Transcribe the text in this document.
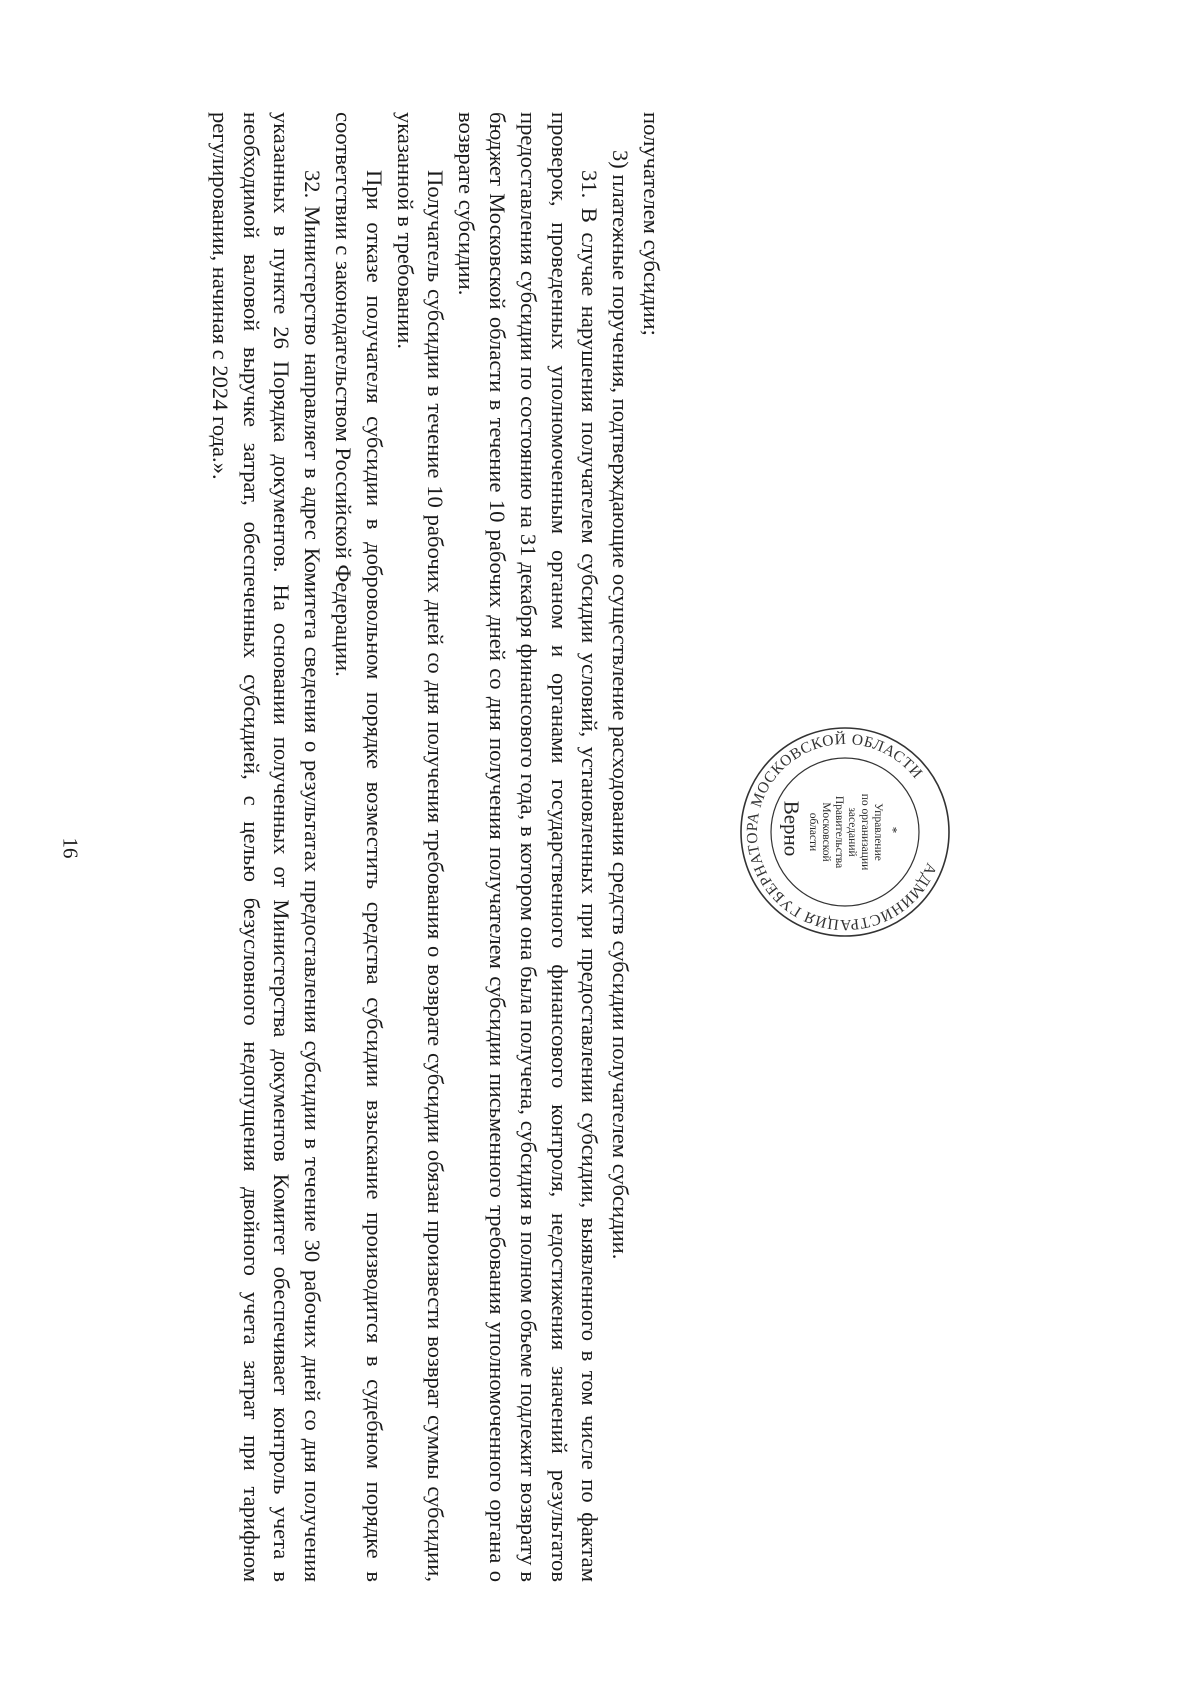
16

получателем субсидии;

3) платежные поручения, подтверждающие осуществление расходования средств субсидии получателем субсидии.

31. В случае нарушения получателем субсидии условий, установленных при предоставлении субсидии, выявленного в том числе по фактам проверок, проведенных уполномоченным органом и органами государственного финансового контроля, недостижения значений результатов предоставления субсидии по состоянию на 31 декабря финансового года, в котором она была получена, субсидия в полном объеме подлежит возврату в бюджет Московской области в течение 10 рабочих дней со дня получения получателем субсидии письменного требования уполномоченного органа о возврате субсидии.

Получатель субсидии в течение 10 рабочих дней со дня получения требования о возврате субсидии обязан произвести возврат суммы субсидии, указанной в требовании.

При отказе получателя субсидии в добровольном порядке возместить средства субсидии взыскание производится в судебном порядке в соответствии с законодательством Российской Федерации.

32. Министерство направляет в адрес Комитета сведения о результатах предоставления субсидии в течение 30 рабочих дней со дня получения указанных в пункте 26 Порядка документов. На основании полученных от Министерства документов Комитет обеспечивает контроль учета в необходимой валовой выручке затрат, обеспеченных субсидией, с целью безусловного недопущения двойного учета затрат при тарифном регулировании, начиная с 2024 года.».

АДМИНИСТРАЦИЯ ГУБЕРНАТОРА МОСКОВСКОЙ ОБЛАСТИ
*
Управление
по организации
заседаний
Правительства
Московской
области
Верно
